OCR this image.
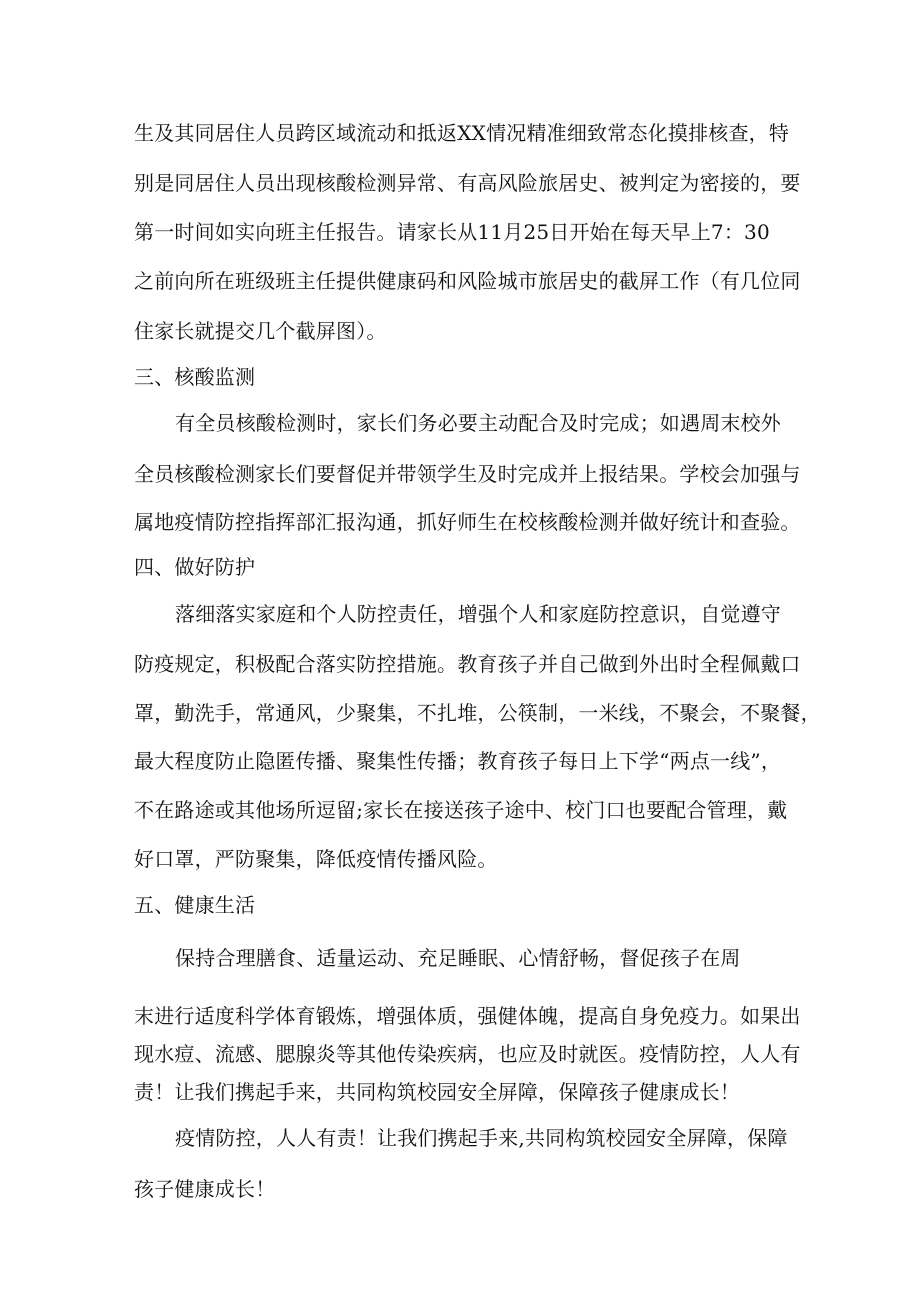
生及其同居住人员跨区域流动和抵返XX情况精准细致常态化摸排核查，特
别是同居住人员出现核酸检测异常、有高风险旅居史、被判定为密接的，要
第一时间如实向班主任报告。请家长从11月25日开始在每天早上7：30
之前向所在班级班主任提供健康码和风险城市旅居史的截屏工作（有几位同
住家长就提交几个截屏图）。
三、核酸监测
有全员核酸检测时，家长们务必要主动配合及时完成；如遇周末校外
全员核酸检测家长们要督促并带领学生及时完成并上报结果。学校会加强与
属地疫情防控指挥部汇报沟通，抓好师生在校核酸检测并做好统计和查验。
四、做好防护
落细落实家庭和个人防控责任，增强个人和家庭防控意识，自觉遵守
防疫规定，积极配合落实防控措施。教育孩子并自己做到外出时全程佩戴口
罩，勤洗手，常通风，少聚集，不扎堆，公筷制，一米线，不聚会，不聚餐，
最大程度防止隐匿传播、聚集性传播；教育孩子每日上下学“两点一线”，
不在路途或其他场所逗留;家长在接送孩子途中、校门口也要配合管理，戴
好口罩，严防聚集，降低疫情传播风险。
五、健康生活
保持合理膳食、适量运动、充足睡眠、心情舒畅，督促孩子在周
末进行适度科学体育锻炼，增强体质，强健体魄，提高自身免疫力。如果出
现水痘、流感、腮腺炎等其他传染疾病，也应及时就医。疫情防控，人人有
责！让我们携起手来，共同构筑校园安全屏障，保障孩子健康成长！
疫情防控，人人有责！让我们携起手来,共同构筑校园安全屏障，保障
孩子健康成长！
